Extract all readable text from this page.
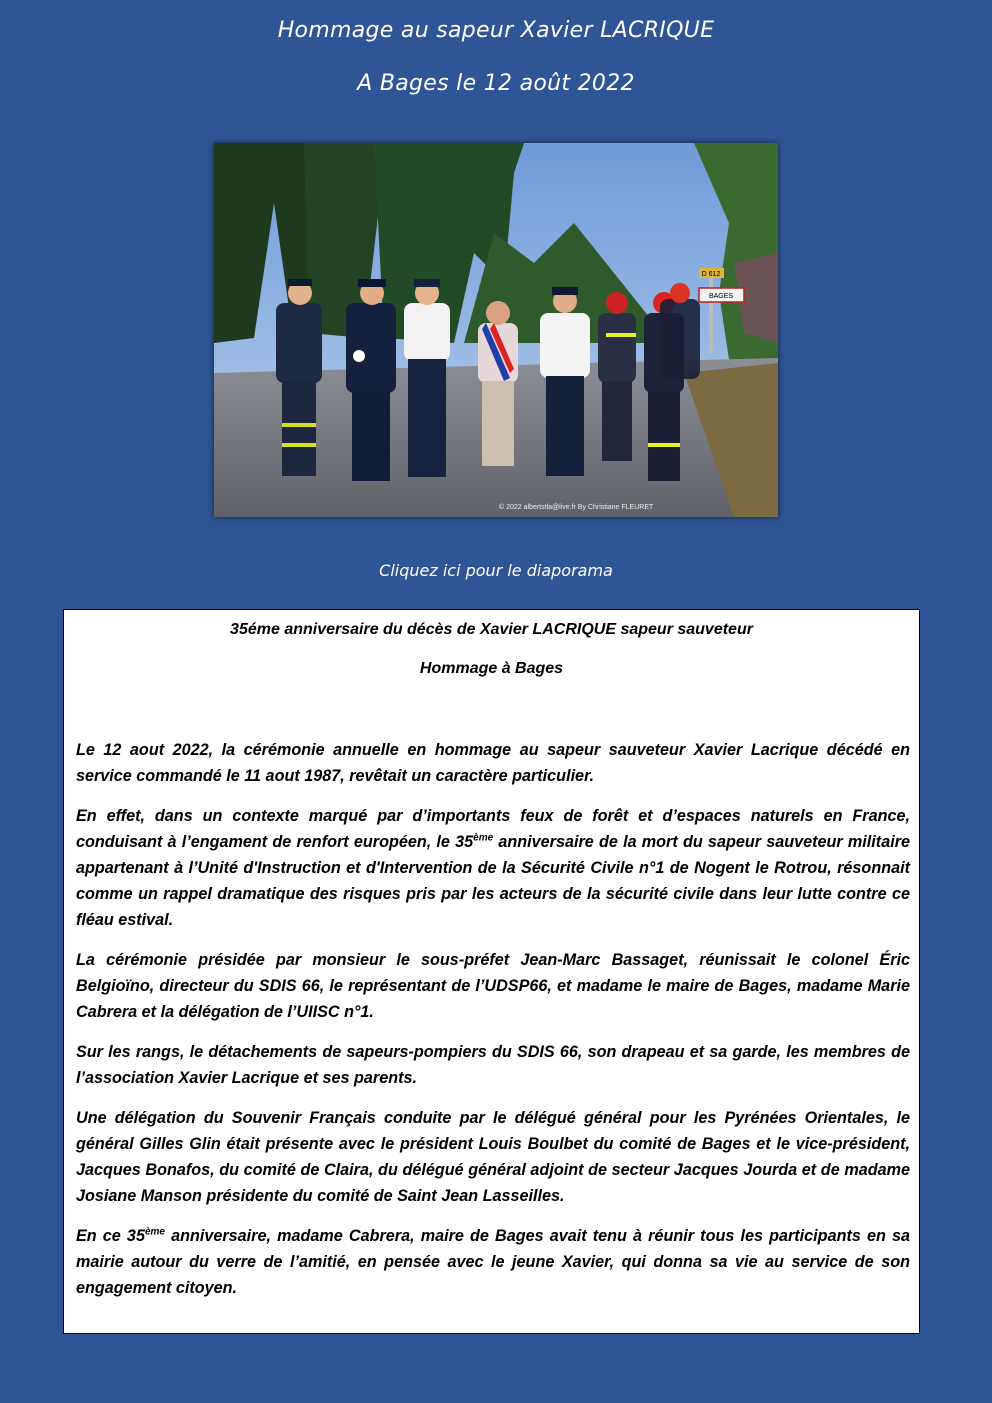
Hommage au sapeur Xavier LACRIQUE
A Bages le 12 août 2022
D 612
BAGES
© 2022 albertstla@live.fr By Christiane FLEURET
Cliquez ici pour le diaporama
35éme anniversaire du décès de Xavier LACRIQUE sapeur sauveteur
Hommage à Bages

Le 12 aout 2022, la cérémonie annuelle en hommage au sapeur sauveteur Xavier Lacrique décédé en service commandé le 11 aout 1987, revêtait un caractère particulier.

En effet, dans un contexte marqué par d’importants feux de forêt et d’espaces naturels en France, conduisant à l’engament de renfort européen, le 35ème anniversaire de la mort du sapeur sauveteur militaire appartenant à l’Unité d'Instruction et d'Intervention de la Sécurité Civile n°1 de Nogent le Rotrou, résonnait comme un rappel dramatique des risques pris par les acteurs de la sécurité civile dans leur lutte contre ce fléau estival.

La cérémonie présidée par monsieur le sous-préfet Jean-Marc Bassaget, réunissait le colonel Éric Belgioïno, directeur du SDIS 66, le représentant de l’UDSP66, et madame le maire de Bages, madame Marie Cabrera et la délégation de l’UIISC n°1.

Sur les rangs, le détachements de sapeurs-pompiers du SDIS 66, son drapeau et sa garde, les membres de l’association Xavier Lacrique et ses parents.

Une délégation du Souvenir Français conduite par le délégué général pour les Pyrénées Orientales, le général Gilles Glin était présente avec le président Louis Boulbet du comité de Bages et le vice-président, Jacques Bonafos, du comité de Claira, du délégué général adjoint de secteur Jacques Jourda et de madame Josiane Manson présidente du comité de Saint Jean Lasseilles.

En ce 35ème anniversaire, madame Cabrera, maire de Bages avait tenu à réunir tous les participants en sa mairie autour du verre de l’amitié, en pensée avec le jeune Xavier, qui donna sa vie au service de son engagement citoyen.
